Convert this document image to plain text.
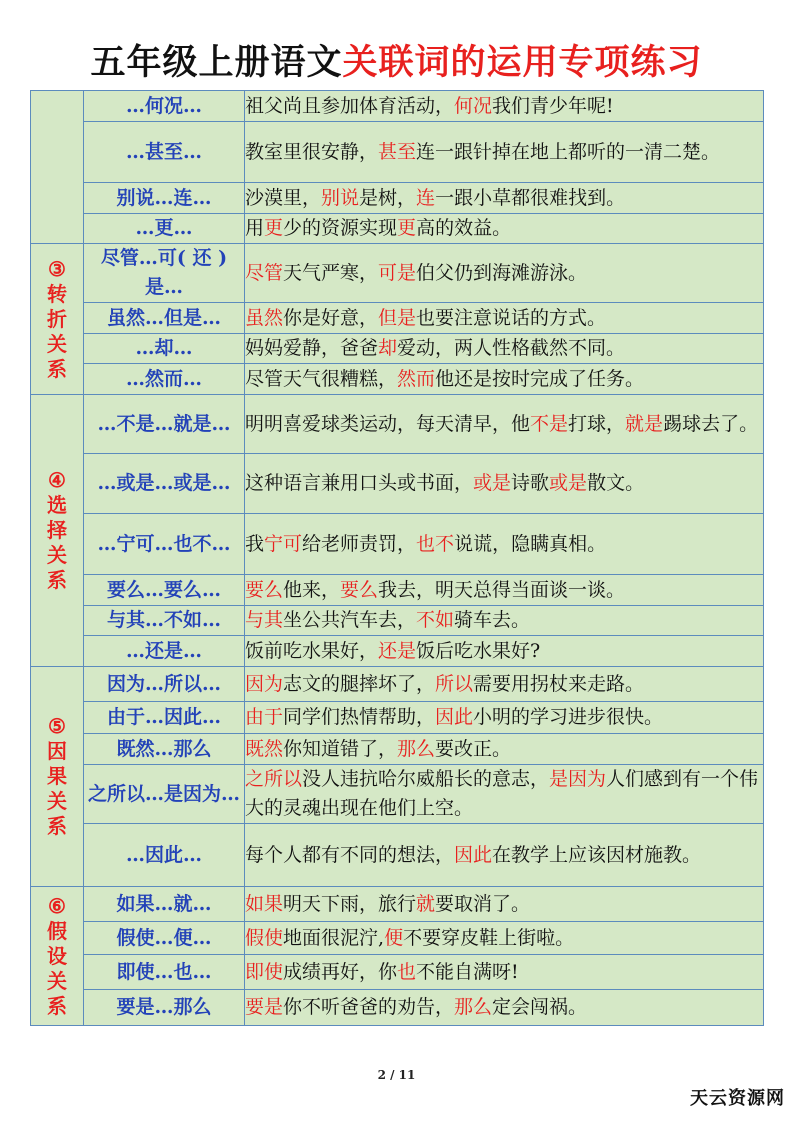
五年级上册语文关联词的运用专项练习
	…何况…	祖父尚且参加体育活动，何况我们青少年呢!
	…甚至…	教室里很安静，甚至连一跟针掉在地上都听的一清二楚。
	别说…连…	沙漠里，别说是树，连一跟小草都很难找到。
	…更…	用更少的资源实现更高的效益。

③
转
折
关
系	尽管…可( 还 )是…	尽管天气严寒，可是伯父仍到海滩游泳。
	虽然…但是…	虽然你是好意，但是也要注意说话的方式。
	…却…	妈妈爱静，爸爸却爱动，两人性格截然不同。
	…然而…	尽管天气很糟糕，然而他还是按时完成了任务。

④
选
择
关
系	…不是…就是…	明明喜爱球类运动，每天清早，他不是打球，就是踢球去了。
	…或是…或是…	这种语言兼用口头或书面，或是诗歌或是散文。
	…宁可…也不…	我宁可给老师责罚，也不说谎，隐瞒真相。
	要么…要么…	要么他来，要么我去，明天总得当面谈一谈。
	与其…不如…	与其坐公共汽车去，不如骑车去。
	…还是…	饭前吃水果好，还是饭后吃水果好?

⑤
因
果
关
系	因为…所以…	因为志文的腿摔坏了，所以需要用拐杖来走路。
	由于…因此…	由于同学们热情帮助，因此小明的学习进步很快。
	既然…那么	既然你知道错了，那么要改正。
	之所以…是因为…	之所以没人违抗哈尔威船长的意志，是因为人们感到有一个伟大的灵魂出现在他们上空。
	…因此…	每个人都有不同的想法，因此在教学上应该因材施教。

⑥
假
设
关
系	如果…就…	如果明天下雨，旅行就要取消了。
	假使…便…	假使地面很泥泞,便不要穿皮鞋上街啦。
	即使…也…	即使成绩再好，你也不能自满呀!
	要是…那么	要是你不听爸爸的劝告，那么定会闯祸。
2 / 11
天云资源网
